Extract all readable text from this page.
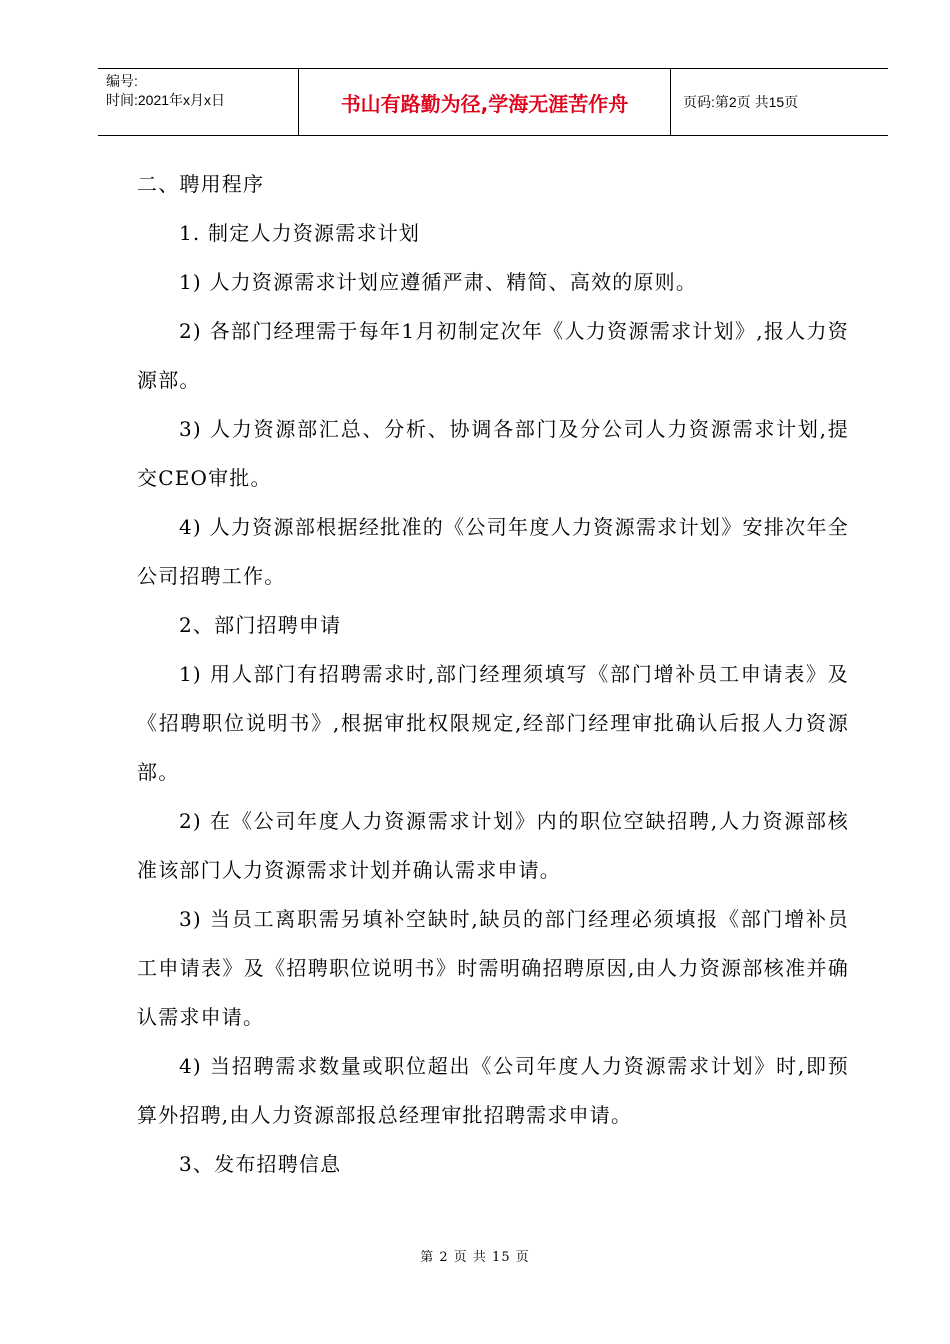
编号:
时间:2021年x月x日	书山有路勤为径,学海无涯苦作舟	页码:第2页 共15页

二、聘用程序

1. 制定人力资源需求计划

1) 人力资源需求计划应遵循严肃、精简、高效的原则。

2) 各部门经理需于每年1月初制定次年《人力资源需求计划》,报人力资源部。

3) 人力资源部汇总、分析、协调各部门及分公司人力资源需求计划,提交CEO审批。

4) 人力资源部根据经批准的《公司年度人力资源需求计划》安排次年全公司招聘工作。

2、部门招聘申请

1) 用人部门有招聘需求时,部门经理须填写《部门增补员工申请表》及《招聘职位说明书》,根据审批权限规定,经部门经理审批确认后报人力资源部。

2) 在《公司年度人力资源需求计划》内的职位空缺招聘,人力资源部核准该部门人力资源需求计划并确认需求申请。

3) 当员工离职需另填补空缺时,缺员的部门经理必须填报《部门增补员工申请表》及《招聘职位说明书》时需明确招聘原因,由人力资源部核准并确认需求申请。

4) 当招聘需求数量或职位超出《公司年度人力资源需求计划》时,即预算外招聘,由人力资源部报总经理审批招聘需求申请。

3、发布招聘信息

第 2 页 共 15 页
